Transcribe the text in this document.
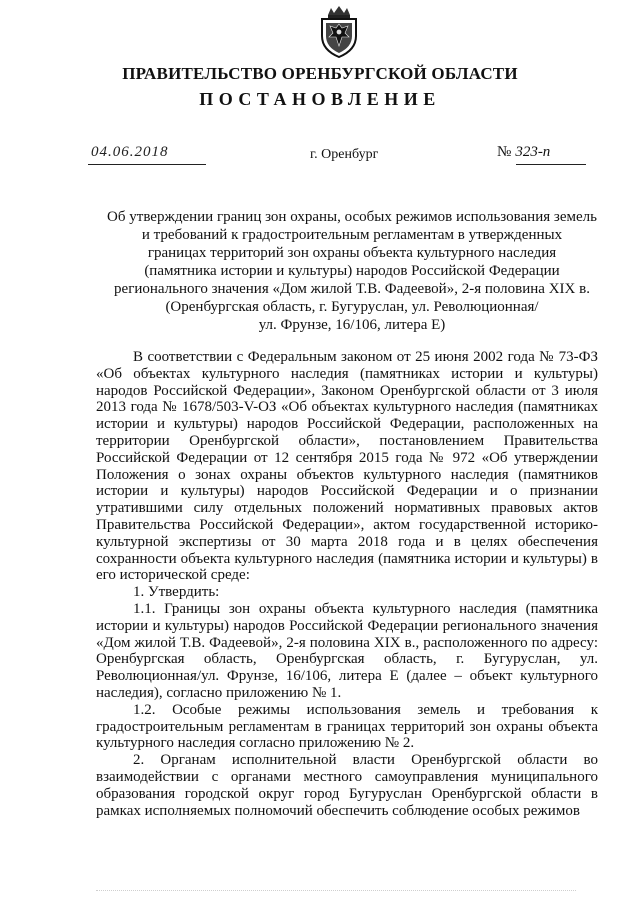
ПРАВИТЕЛЬСТВО ОРЕНБУРГСКОЙ ОБЛАСТИ
ПОСТАНОВЛЕНИЕ
04.06.2018	г. Оренбург	№ 323-п
Об утверждении границ зон охраны, особых режимов использования земель
и требований к градостроительным регламентам в утвержденных
границах территорий зон охраны объекта культурного наследия
(памятника истории и культуры) народов Российской Федерации
регионального значения «Дом жилой Т.В. Фадеевой», 2-я половина XIX в.
(Оренбургская область, г. Бугуруслан, ул. Революционная/
ул. Фрунзе, 16/106, литера Е)

В соответствии с Федеральным законом от 25 июня 2002 года № 73-ФЗ «Об объектах культурного наследия (памятниках истории и культуры) народов Российской Федерации», Законом Оренбургской области от 3 июля 2013 года № 1678/503-V-ОЗ «Об объектах культурного наследия (памятниках истории и культуры) народов Российской Федерации, расположенных на территории Оренбургской области», постановлением Правительства Российской Федерации от 12 сентября 2015 года № 972 «Об утверждении Положения о зонах охраны объектов культурного наследия (памятников истории и культуры) народов Российской Федерации и о признании утратившими силу отдельных положений нормативных правовых актов Правительства Российской Федерации», актом государственной историко-культурной экспертизы от 30 марта 2018 года и в целях обеспечения сохранности объекта культурного наследия (памятника истории и культуры) в его исторической среде:

1. Утвердить:

1.1. Границы зон охраны объекта культурного наследия (памятника истории и культуры) народов Российской Федерации регионального значения «Дом жилой Т.В. Фадеевой», 2-я половина XIX в., расположенного по адресу: Оренбургская область, Оренбургская область, г. Бугуруслан, ул. Революционная/ул. Фрунзе, 16/106, литера Е (далее – объект культурного наследия), согласно приложению № 1.

1.2. Особые режимы использования земель и требования к градостроительным регламентам в границах территорий зон охраны объекта культурного наследия согласно приложению № 2.

2. Органам исполнительной власти Оренбургской области во взаимодействии с органами местного самоуправления муниципального образования городской округ город Бугуруслан Оренбургской области в рамках исполняемых полномочий обеспечить соблюдение особых режимов
